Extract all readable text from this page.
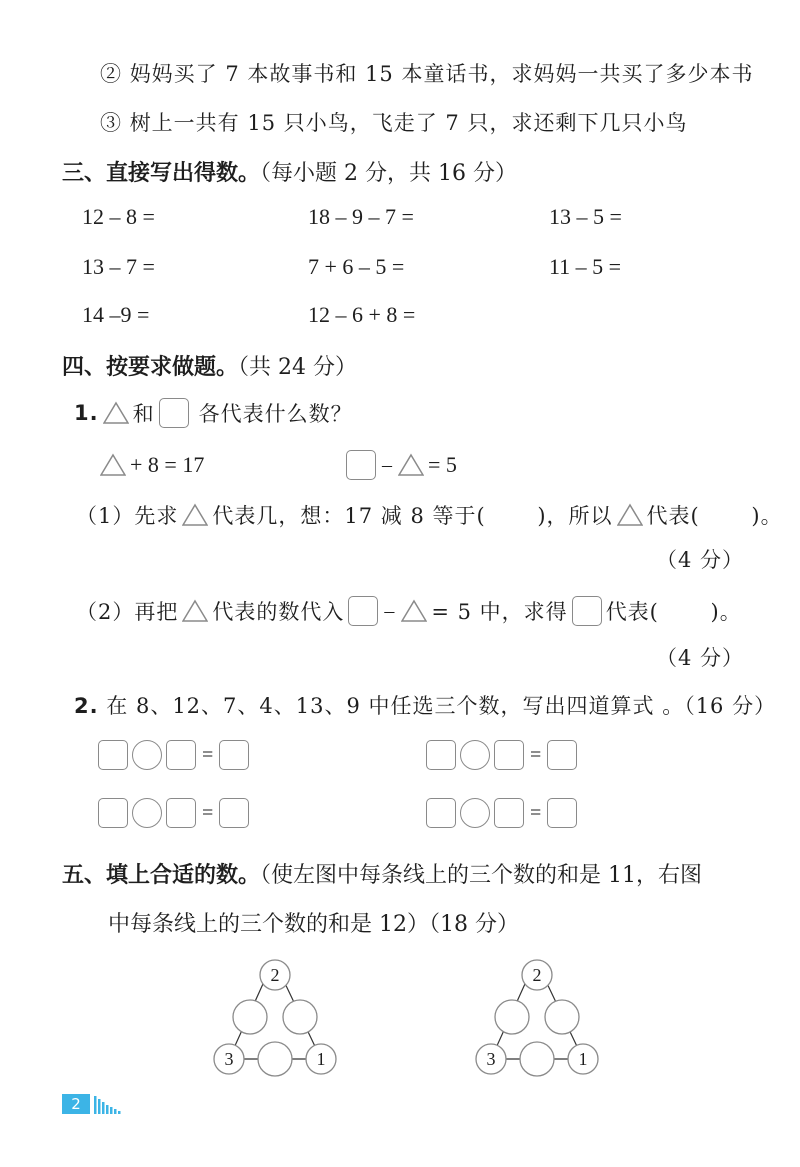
② 妈妈买了 7 本故事书和 15 本童话书，求妈妈一共买了多少本书
③ 树上一共有 15 只小鸟，飞走了 7 只，求还剩下几只小鸟
三、直接写出得数。（每小题 2 分，共 16 分）
12 – 8 =	18 – 9 – 7 =	13 – 5 =
13 – 7 =	7 + 6 – 5 =	11 – 5 =
14 –9 =	12 – 6 + 8 =
四、按要求做题。（共 24 分）
1. 和 各代表什么数？
+ 8 = 17	– = 5
（1）先求 代表几，想：17 减 8 等于(　　 )，所以 代表(　　 )。
（4 分）
（2）再把 代表的数代入 – = 5 中，求得 代表(　　 )。
（4 分）
2. 在 8、12、7、4、13、9 中任选三个数，写出四道算式 。（16 分）
=	=
=	=
五、填上合适的数。（使左图中每条线上的三个数的和是 11，右图
中每条线上的三个数的和是 12）（18 分）
2
3	1
2
3	1
2
